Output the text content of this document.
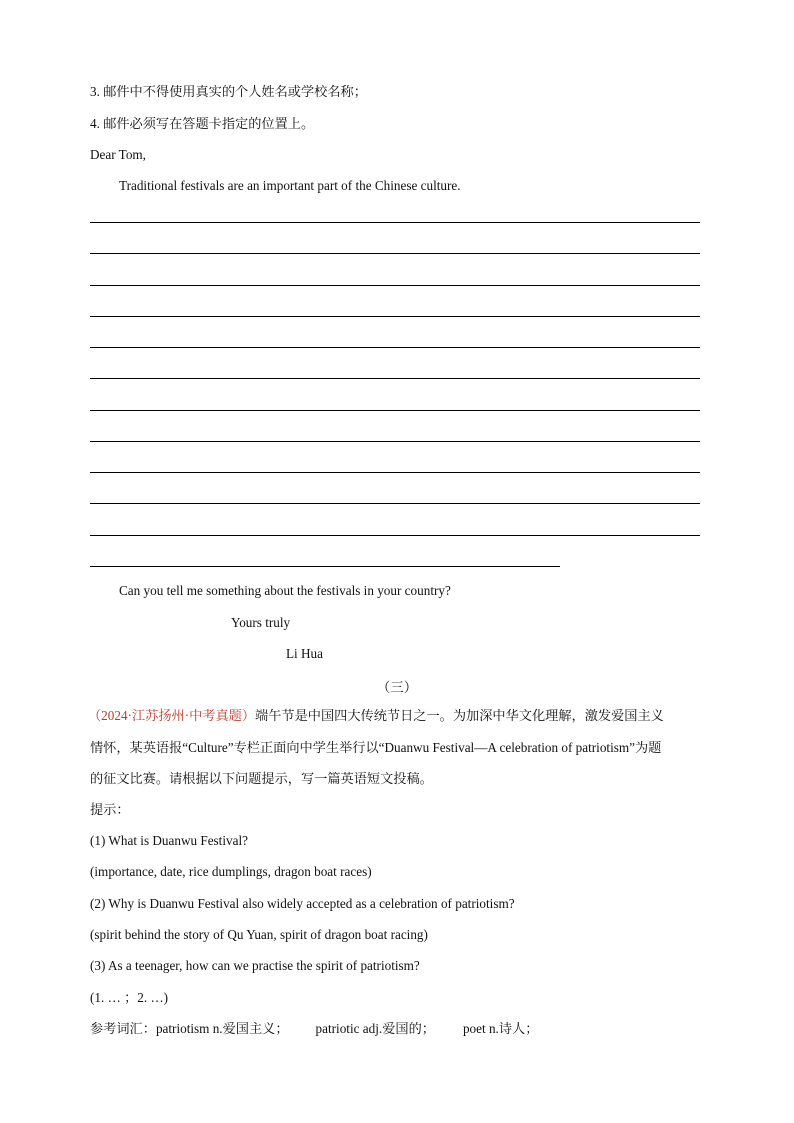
3. 邮件中不得使用真实的个人姓名或学校名称；
4. 邮件必须写在答题卡指定的位置上。
Dear Tom,
Traditional festivals are an important part of the Chinese culture.
Can you tell me something about the festivals in your country?
Yours truly
Li Hua
（三）
（2024·江苏扬州·中考真题）端午节是中国四大传统节日之一。为加深中华文化理解，激发爱国主义
情怀，某英语报“Culture”专栏正面向中学生举行以“Duanwu Festival—A celebration of patriotism”为题
的征文比赛。请根据以下问题提示，写一篇英语短文投稿。
提示：
(1) What is Duanwu Festival?
(importance, date, rice dumplings, dragon boat races)
(2) Why is Duanwu Festival also widely accepted as a celebration of patriotism?
(spirit behind the story of Qu Yuan, spirit of dragon boat racing)
(3) As a teenager, how can we practise the spirit of patriotism?
(1. … ；2. …)
参考词汇：patriotism n.爱国主义； patriotic adj.爱国的； poet n.诗人；
